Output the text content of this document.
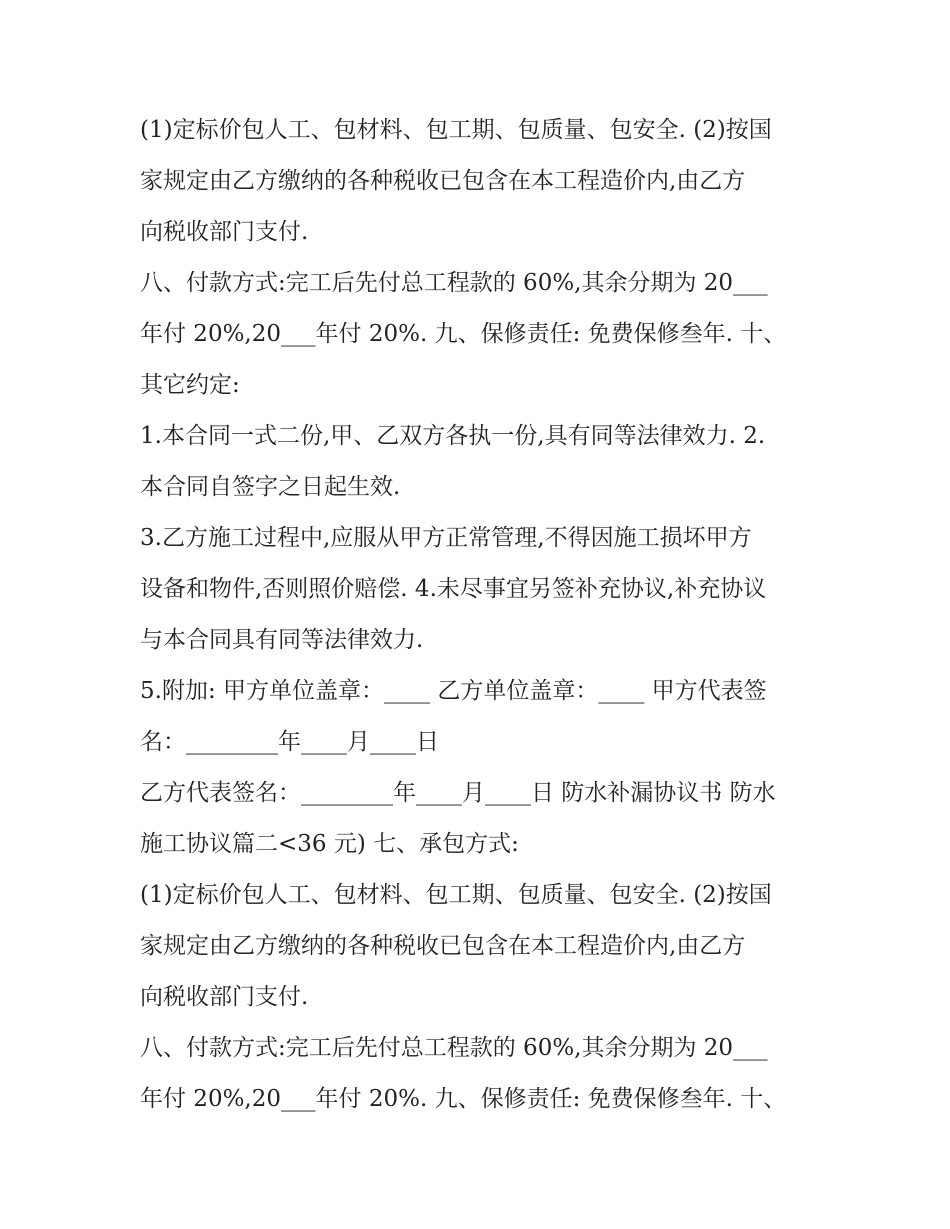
(1)定标价包人工、包材料、包工期、包质量、包安全. (2)按国

家规定由乙方缴纳的各种税收已包含在本工程造价内,由乙方

向税收部门支付.

八、付款方式:完工后先付总工程款的 60%,其余分期为 20___

年付 20%,20___年付 20%. 九、保修责任: 免费保修叁年. 十、

其它约定:

1.本合同一式二份,甲、乙双方各执一份,具有同等法律效力. 2.

本合同自签字之日起生效.

3.乙方施工过程中,应服从甲方正常管理,不得因施工损坏甲方

设备和物件,否则照价赔偿. 4.未尽事宜另签补充协议,补充协议

与本合同具有同等法律效力.

5.附加: 甲方单位盖章：____ 乙方单位盖章：____ 甲方代表签

名：________年____月____日

乙方代表签名：________年____月____日 防水补漏协议书 防水

施工协议篇二<36 元) 七、承包方式:

(1)定标价包人工、包材料、包工期、包质量、包安全. (2)按国

家规定由乙方缴纳的各种税收已包含在本工程造价内,由乙方

向税收部门支付.

八、付款方式:完工后先付总工程款的 60%,其余分期为 20___

年付 20%,20___年付 20%. 九、保修责任: 免费保修叁年. 十、
